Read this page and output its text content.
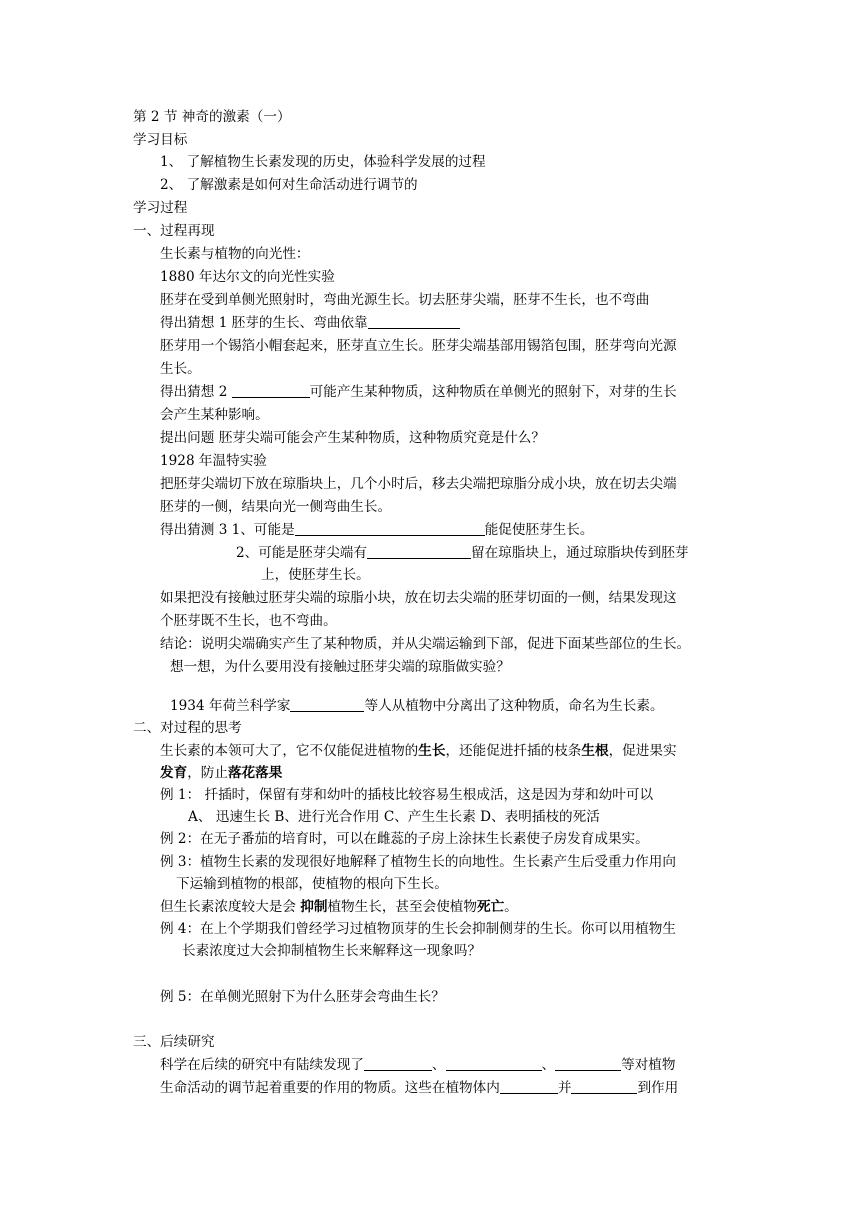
第 2 节 神奇的激素（一）
学习目标
1、 了解植物生长素发现的历史，体验科学发展的过程
2、 了解激素是如何对生命活动进行调节的
学习过程
一、过程再现
生长素与植物的向光性：
1880 年达尔文的向光性实验
胚芽在受到单侧光照射时，弯曲光源生长。切去胚芽尖端，胚芽不生长，也不弯曲
得出猜想 1 胚芽的生长、弯曲依靠
胚芽用一个锡箔小帽套起来，胚芽直立生长。胚芽尖端基部用锡箔包围，胚芽弯向光源
生长。
得出猜想 2	可能产生某种物质，这种物质在单侧光的照射下，对芽的生长
会产生某种影响。
提出问题 胚芽尖端可能会产生某种物质，这种物质究竟是什么？
1928 年温特实验
把胚芽尖端切下放在琼脂块上，几个小时后，移去尖端把琼脂分成小块，放在切去尖端
胚芽的一侧，结果向光一侧弯曲生长。
得出猜测 3 1、可能是	能促使胚芽生长。
2、可能是胚芽尖端有	留在琼脂块上，通过琼脂块传到胚芽
上，使胚芽生长。
如果把没有接触过胚芽尖端的琼脂小块，放在切去尖端的胚芽切面的一侧，结果发现这
个胚芽既不生长，也不弯曲。
结论：说明尖端确实产生了某种物质，并从尖端运输到下部，促进下面某些部位的生长。
想一想，为什么要用没有接触过胚芽尖端的琼脂做实验？
1934 年荷兰科学家	等人从植物中分离出了这种物质，命名为生长素。
二、对过程的思考
生长素的本领可大了，它不仅能促进植物的生长，还能促进扦插的枝条生根，促进果实
发育，防止落花落果
例 1： 扦插时，保留有芽和幼叶的插枝比较容易生根成活，这是因为芽和幼叶可以
A、 迅速生长 B、进行光合作用 C、产生生长素 D、表明插枝的死活
例 2：在无子番茄的培育时，可以在雌蕊的子房上涂抹生长素使子房发育成果实。
例 3：植物生长素的发现很好地解释了植物生长的向地性。生长素产生后受重力作用向
下运输到植物的根部，使植物的根向下生长。
但生长素浓度较大是会 抑制植物生长，甚至会使植物死亡。
例 4：在上个学期我们曾经学习过植物顶芽的生长会抑制侧芽的生长。你可以用植物生
长素浓度过大会抑制植物生长来解释这一现象吗？
例 5：在单侧光照射下为什么胚芽会弯曲生长？
三、后续研究
科学在后续的研究中有陆续发现了	、	、	等对植物
生命活动的调节起着重要的作用的物质。这些在植物体内	并	到作用
